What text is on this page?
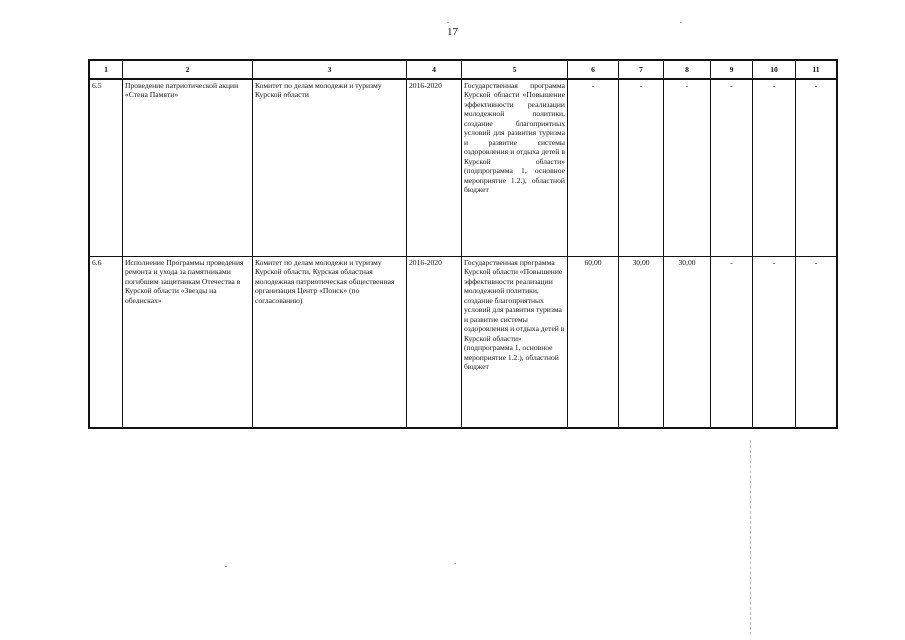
17
1	2	3	4	5	6	7	8	9	10	11
6.5	Проведение патриотической акции «Стена Памяти»	Комитет по делам молодежи и туризму Курской области	2016-2020	Государственная программа Курской области «Повышение эффективности реализации молодежной политики, создание благоприятных условий для развития туризма и развитие системы оздоровления и отдыха детей в Курской области» (подпрограмма 1, основное мероприятие 1.2.), областной бюджет	-	-	-	-	-	-
6.6	Исполнение Программы проведения ремонта и ухода за памятниками погибшим защитникам Отечества в Курской области «Звезды на обелисках»	Комитет по делам молодежи и туризму Курской области, Курская областная молодежная патриотическая общественная организация Центр «Поиск» (по согласованию)	2016-2020	Государственная программа Курской области «Повышение эффективности реализации молодежной политики, создание благоприятных условий для развития туризма и развитие системы оздоровления и отдыха детей в Курской области» (подпрограмма 1, основное мероприятие 1.2.), областной бюджет	60,00	30,00	30,00	-	-	-
